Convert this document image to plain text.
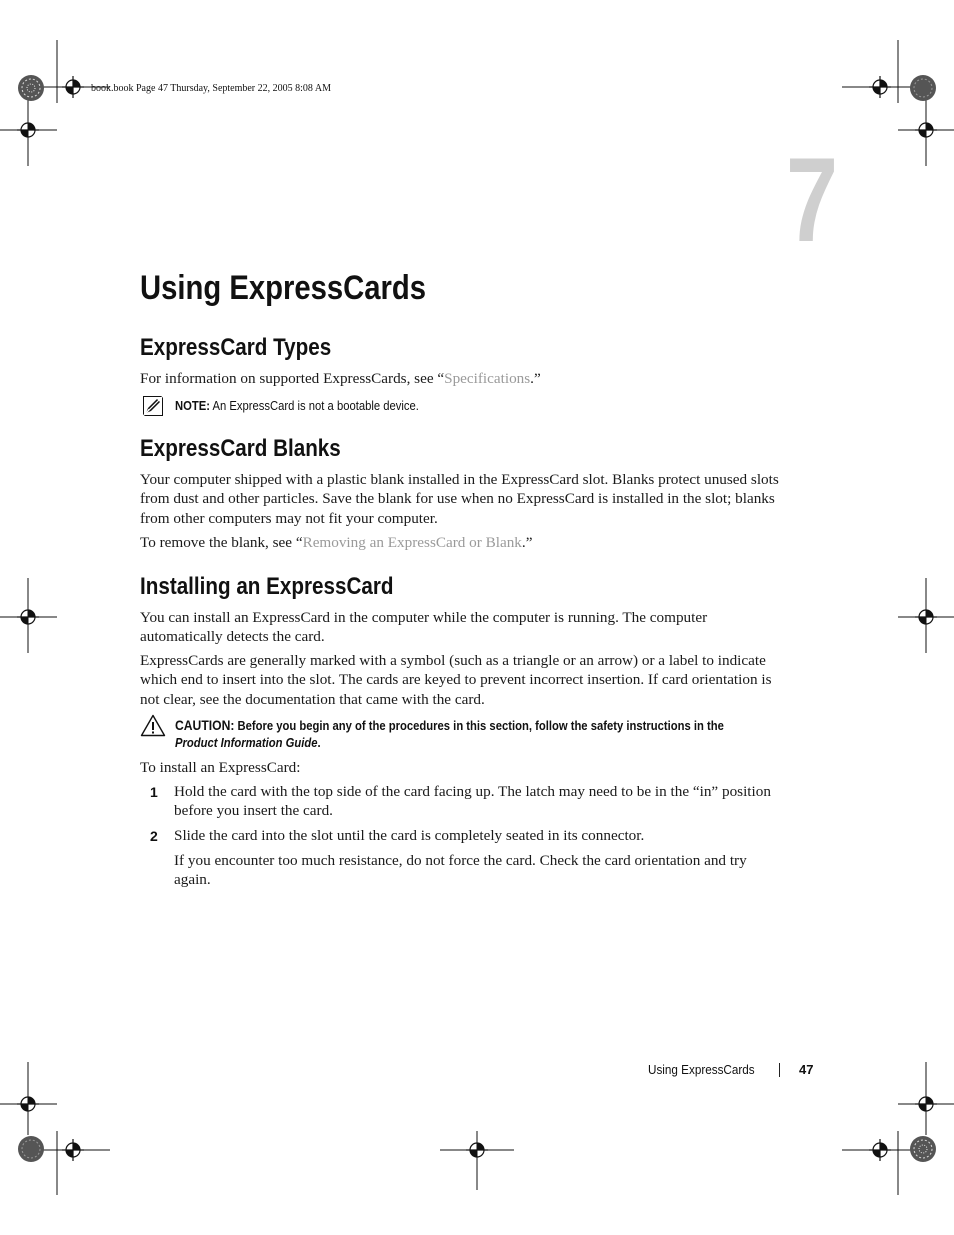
book.book Page 47 Thursday, September 22, 2005 8:08 AM
7
Using ExpressCards
ExpressCard Types
For information on supported ExpressCards, see “Specifications.”
NOTE: An ExpressCard is not a bootable device.
ExpressCard Blanks
Your computer shipped with a plastic blank installed in the ExpressCard slot. Blanks protect unused slots from dust and other particles. Save the blank for use when no ExpressCard is installed in the slot; blanks from other computers may not fit your computer.
To remove the blank, see “Removing an ExpressCard or Blank.”
Installing an ExpressCard
You can install an ExpressCard in the computer while the computer is running. The computer automatically detects the card.
ExpressCards are generally marked with a symbol (such as a triangle or an arrow) or a label to indicate which end to insert into the slot. The cards are keyed to prevent incorrect insertion. If card orientation is not clear, see the documentation that came with the card.
CAUTION: Before you begin any of the procedures in this section, follow the safety instructions in the
Product Information Guide.
To install an ExpressCard:
1 Hold the card with the top side of the card facing up. The latch may need to be in the “in” position before you insert the card.
2 Slide the card into the slot until the card is completely seated in its connector.
If you encounter too much resistance, do not force the card. Check the card orientation and try again.
Using ExpressCards	47
